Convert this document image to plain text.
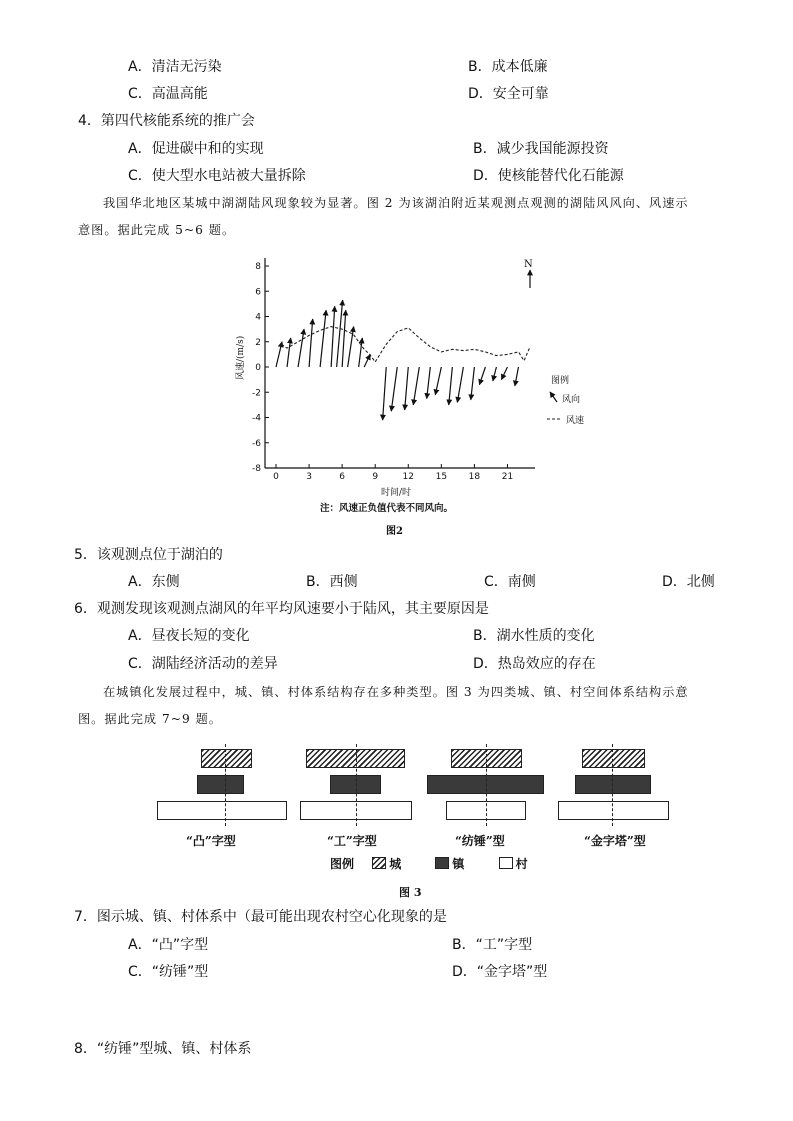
A．清洁无污染	B．成本低廉
C．高温高能	D．安全可靠
4．第四代核能系统的推广会
A．促进碳中和的实现	B．减少我国能源投资
C．使大型水电站被大量拆除	D．使核能替代化石能源
我国华北地区某城中湖湖陆风现象较为显著。图 2 为该湖泊附近某观测点观测的湖陆风风向、风速示
意图。据此完成 5~6 题。
8
6
4
2
0
-2
-4
-6
-8
0	3	6	9	12 15 18 21
N
风速/(m/s)
时间/时
图例
风向
风速
注：风速正负值代表不同风向。
图2
5．该观测点位于湖泊的
A．东侧	B．西侧	C．南侧	D．北侧
6．观测发现该观测点湖风的年平均风速要小于陆风，其主要原因是
A．昼夜长短的变化	B．湖水性质的变化
C．湖陆经济活动的差异	D．热岛效应的存在
在城镇化发展过程中，城、镇、村体系结构存在多种类型。图 3 为四类城、镇、村空间体系结构示意
图。据此完成 7~9 题。
“凸”字型	“工”字型	“纺锤”型	“金字塔”型
图例	城	镇	村
图 3
7．图示城、镇、村体系中（最可能出现农村空心化现象的是
A．“凸”字型	B．“工”字型
C．“纺锤”型	D．“金字塔”型
8．“纺锤”型城、镇、村体系
